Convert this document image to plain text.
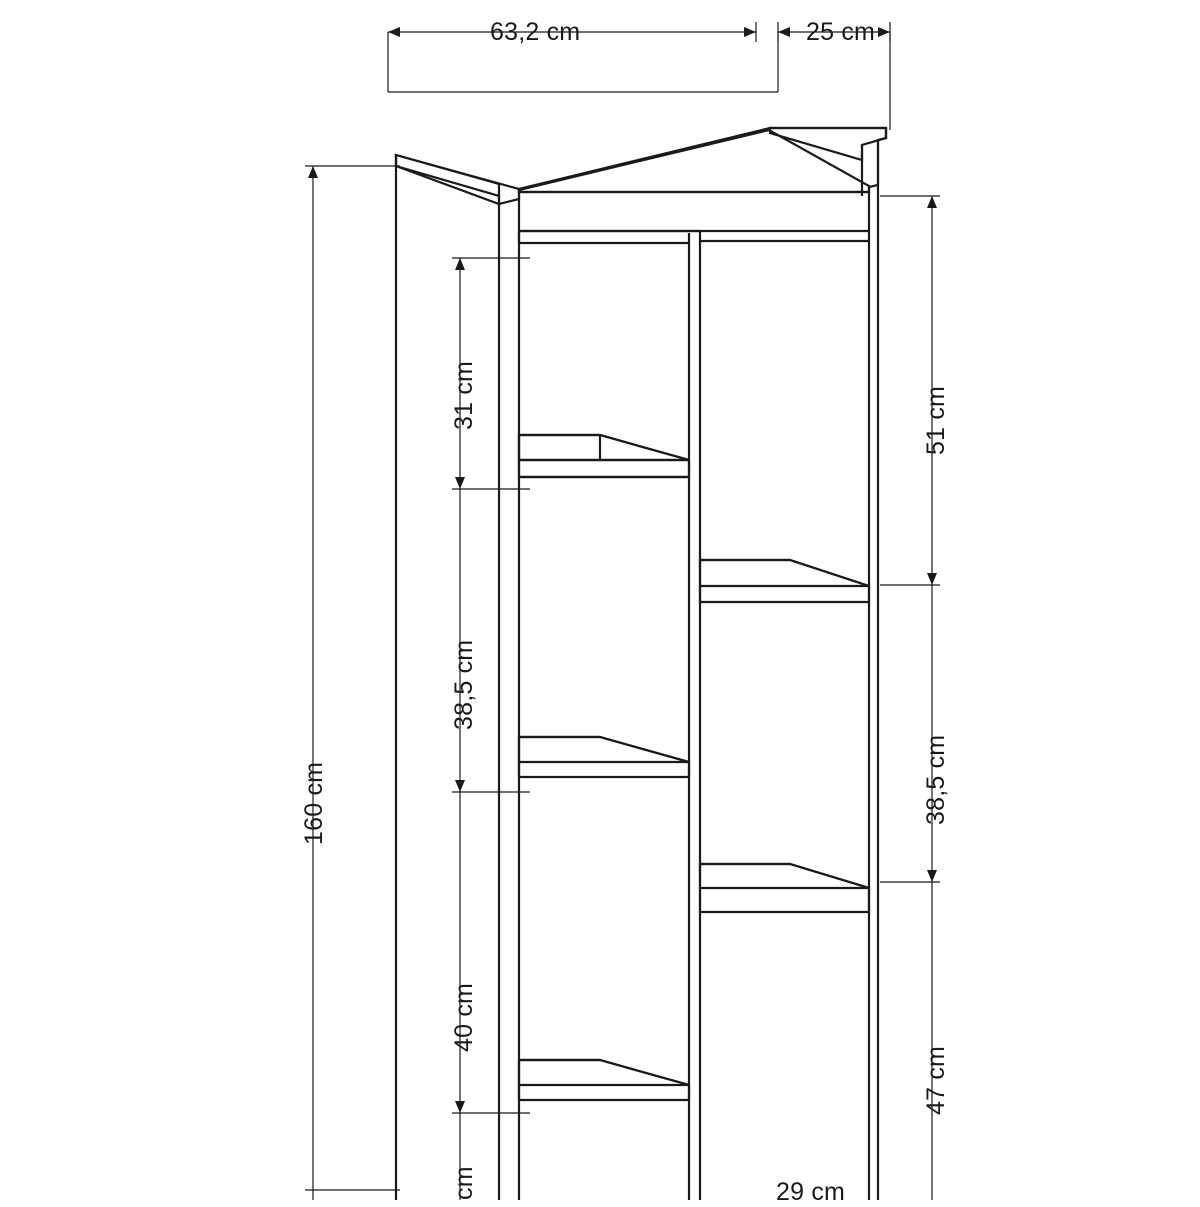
63,2 cm	25 cm
160 cm
31 cm
38,5 cm
40 cm
cm
51 cm
38,5 cm
47 cm
29 cm
